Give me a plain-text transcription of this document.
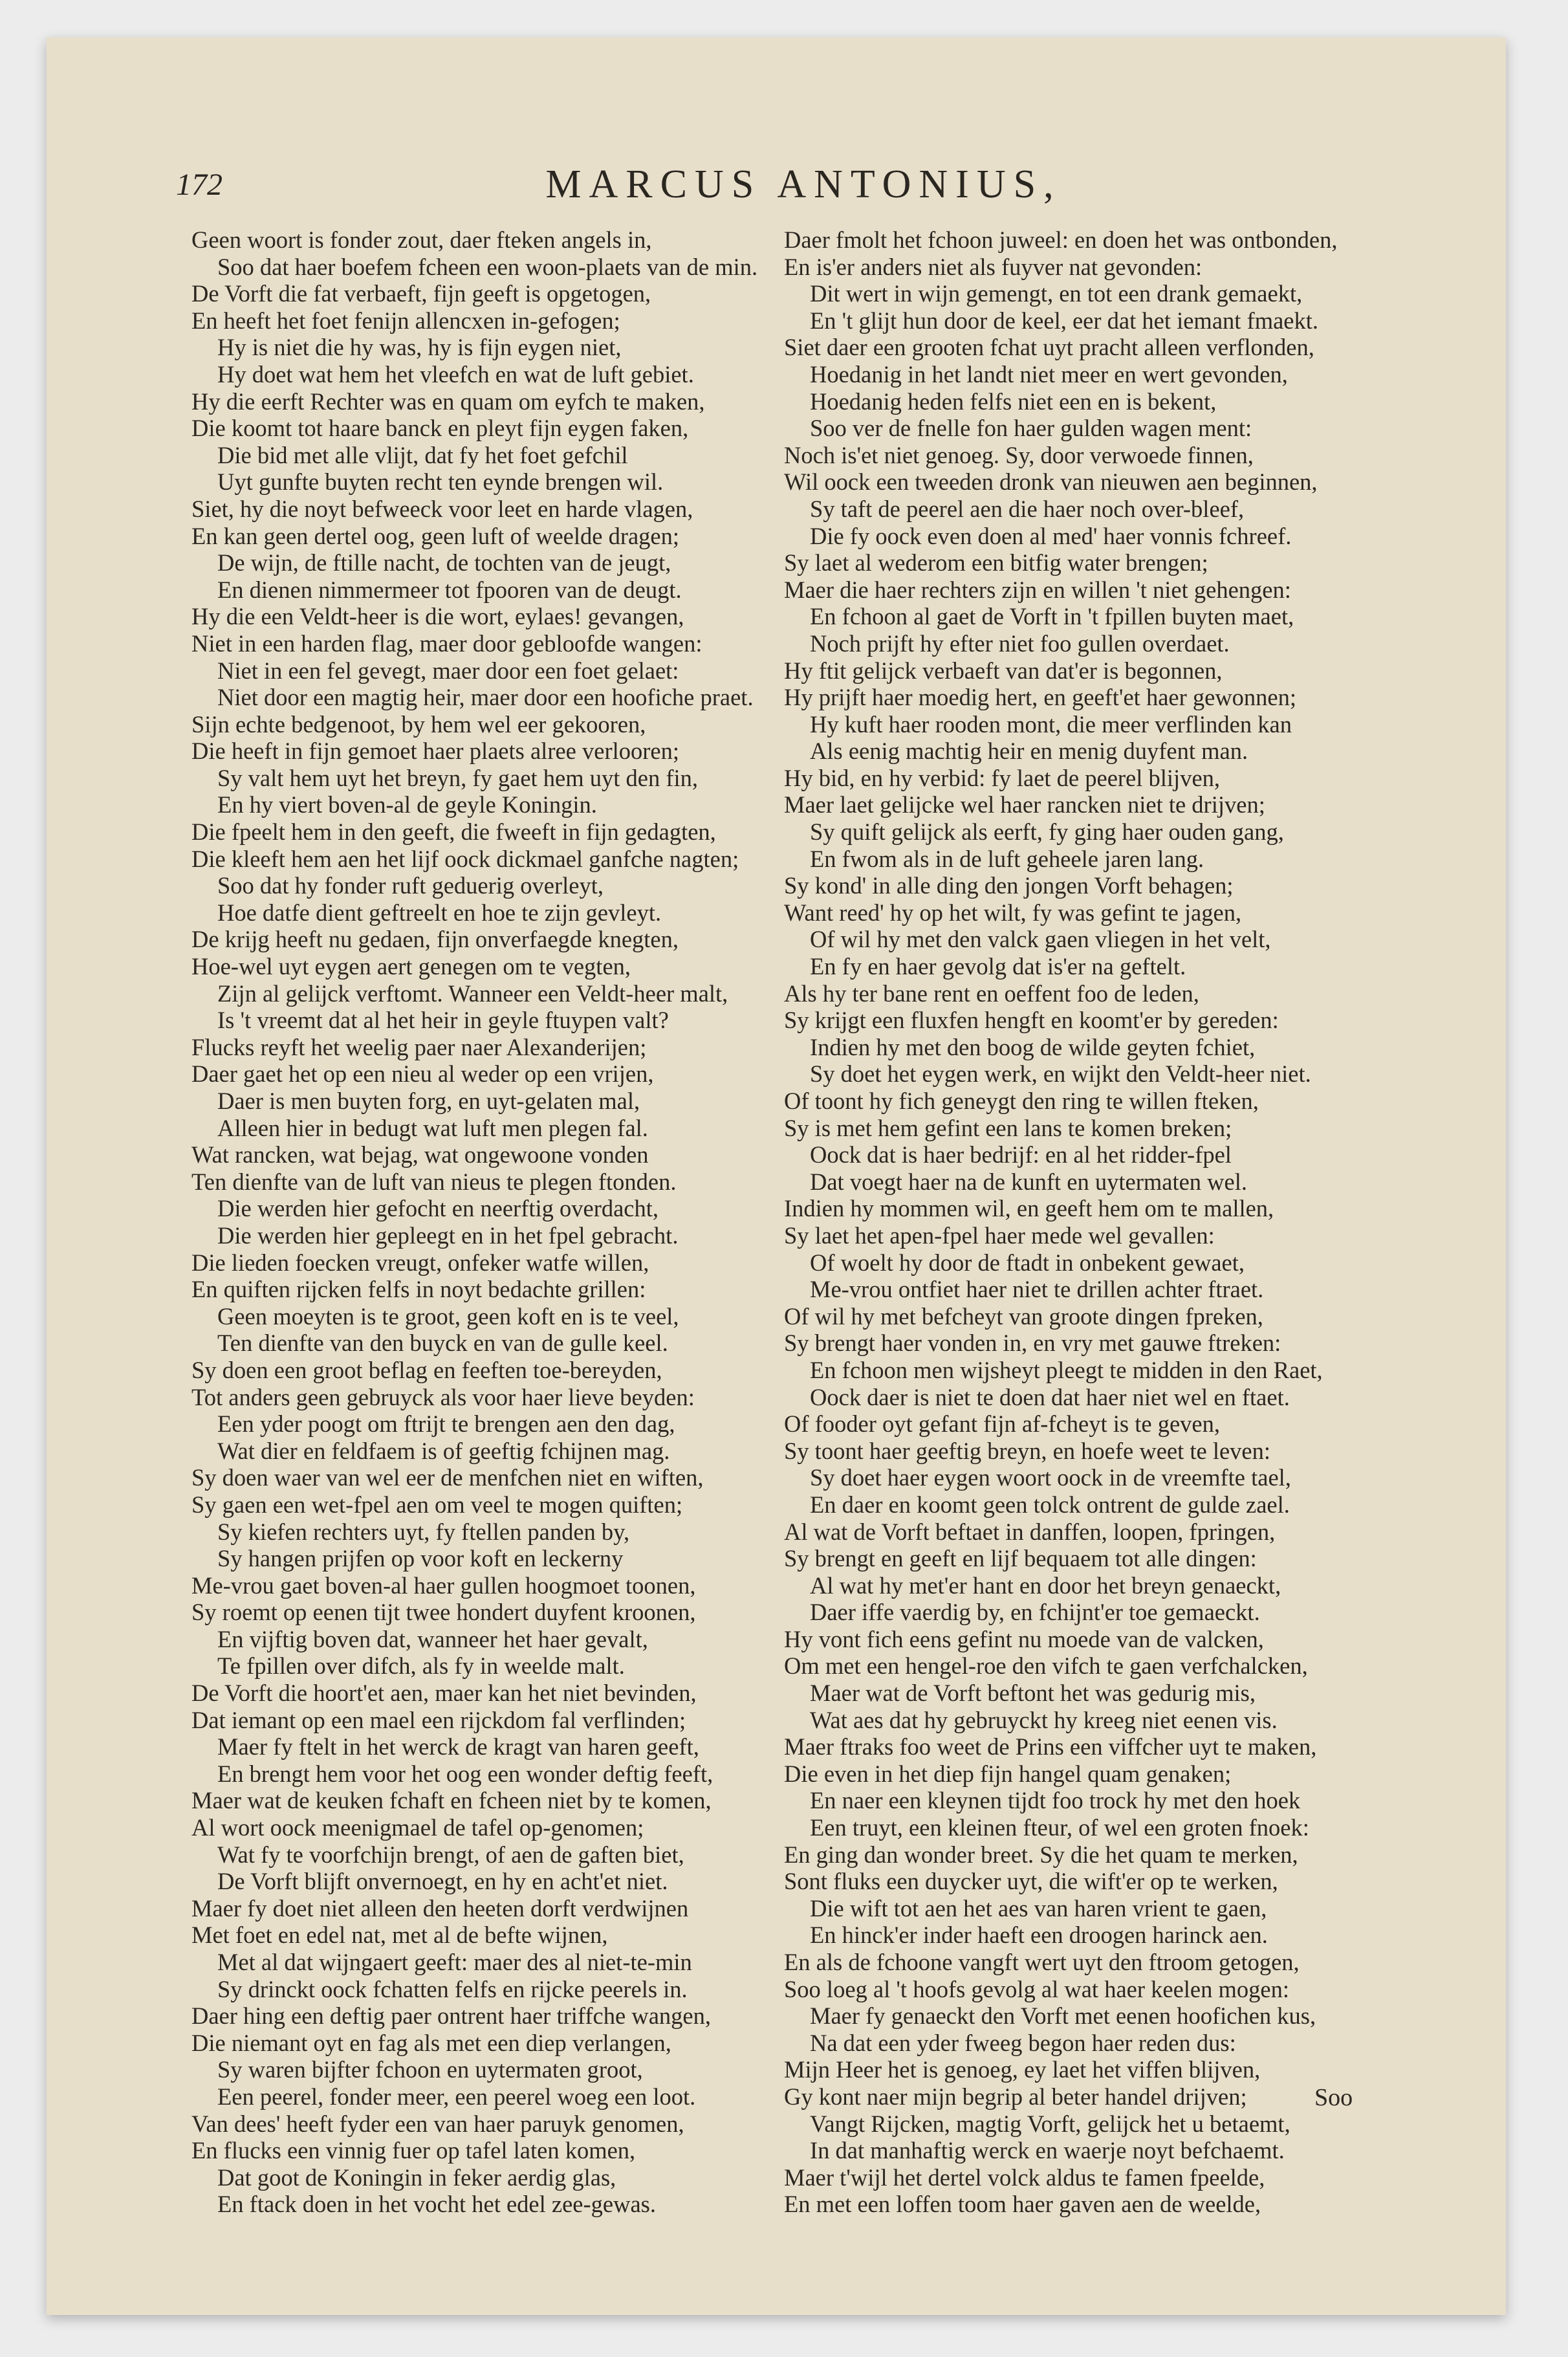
172	MARCUS ANTONIUS,
Geen woort is fonder zout, daer fteken angels in,
Soo dat haer boefem fcheen een woon-plaets van de min.
De Vorft die fat verbaeft, fijn geeft is opgetogen,
En heeft het foet fenijn allencxen in-gefogen;
Hy is niet die hy was, hy is fijn eygen niet,
Hy doet wat hem het vleefch en wat de luft gebiet.
Hy die eerft Rechter was en quam om eyfch te maken,
Die koomt tot haare banck en pleyt fijn eygen faken,
Die bid met alle vlijt, dat fy het foet gefchil
Uyt gunfte buyten recht ten eynde brengen wil.
Siet, hy die noyt befweeck voor leet en harde vlagen,
En kan geen dertel oog, geen luft of weelde dragen;
De wijn, de ftille nacht, de tochten van de jeugt,
En dienen nimmermeer tot fpooren van de deugt.
Hy die een Veldt-heer is die wort, eylaes! gevangen,
Niet in een harden flag, maer door gebloofde wangen:
Niet in een fel gevegt, maer door een foet gelaet:
Niet door een magtig heir, maer door een hoofiche praet.
Sijn echte bedgenoot, by hem wel eer gekooren,
Die heeft in fijn gemoet haer plaets alree verlooren;
Sy valt hem uyt het breyn, fy gaet hem uyt den fin,
En hy viert boven-al de geyle Koningin.
Die fpeelt hem in den geeft, die fweeft in fijn gedagten,
Die kleeft hem aen het lijf oock dickmael ganfche nagten;
Soo dat hy fonder ruft geduerig overleyt,
Hoe datfe dient geftreelt en hoe te zijn gevleyt.
De krijg heeft nu gedaen, fijn onverfaegde knegten,
Hoe-wel uyt eygen aert genegen om te vegten,
Zijn al gelijck verftomt. Wanneer een Veldt-heer malt,
Is 't vreemt dat al het heir in geyle ftuypen valt?
Flucks reyft het weelig paer naer Alexanderijen;
Daer gaet het op een nieu al weder op een vrijen,
Daer is men buyten forg, en uyt-gelaten mal,
Alleen hier in bedugt wat luft men plegen fal.
Wat rancken, wat bejag, wat ongewoone vonden
Ten dienfte van de luft van nieus te plegen ftonden.
Die werden hier gefocht en neerftig overdacht,
Die werden hier gepleegt en in het fpel gebracht.
Die lieden foecken vreugt, onfeker watfe willen,
En quiften rijcken felfs in noyt bedachte grillen:
Geen moeyten is te groot, geen koft en is te veel,
Ten dienfte van den buyck en van de gulle keel.
Sy doen een groot beflag en feeften toe-bereyden,
Tot anders geen gebruyck als voor haer lieve beyden:
Een yder poogt om ftrijt te brengen aen den dag,
Wat dier en feldfaem is of geeftig fchijnen mag.
Sy doen waer van wel eer de menfchen niet en wiften,
Sy gaen een wet-fpel aen om veel te mogen quiften;
Sy kiefen rechters uyt, fy ftellen panden by,
Sy hangen prijfen op voor koft en leckerny
Me-vrou gaet boven-al haer gullen hoogmoet toonen,
Sy roemt op eenen tijt twee hondert duyfent kroonen,
En vijftig boven dat, wanneer het haer gevalt,
Te fpillen over difch, als fy in weelde malt.
De Vorft die hoort'et aen, maer kan het niet bevinden,
Dat iemant op een mael een rijckdom fal verflinden;
Maer fy ftelt in het werck de kragt van haren geeft,
En brengt hem voor het oog een wonder deftig feeft,
Maer wat de keuken fchaft en fcheen niet by te komen,
Al wort oock meenigmael de tafel op-genomen;
Wat fy te voorfchijn brengt, of aen de gaften biet,
De Vorft blijft onvernoegt, en hy en acht'et niet.
Maer fy doet niet alleen den heeten dorft verdwijnen
Met foet en edel nat, met al de befte wijnen,
Met al dat wijngaert geeft: maer des al niet-te-min
Sy drinckt oock fchatten felfs en rijcke peerels in.
Daer hing een deftig paer ontrent haer triffche wangen,
Die niemant oyt en fag als met een diep verlangen,
Sy waren bijfter fchoon en uytermaten groot,
Een peerel, fonder meer, een peerel woeg een loot.
Van dees' heeft fyder een van haer paruyk genomen,
En flucks een vinnig fuer op tafel laten komen,
Dat goot de Koningin in feker aerdig glas,
En ftack doen in het vocht het edel zee-gewas.
Daer fmolt het fchoon juweel: en doen het was ontbonden,
En is'er anders niet als fuyver nat gevonden:
Dit wert in wijn gemengt, en tot een drank gemaekt,
En 't glijt hun door de keel, eer dat het iemant fmaekt.
Siet daer een grooten fchat uyt pracht alleen verflonden,
Hoedanig in het landt niet meer en wert gevonden,
Hoedanig heden felfs niet een en is bekent,
Soo ver de fnelle fon haer gulden wagen ment:
Noch is'et niet genoeg. Sy, door verwoede finnen,
Wil oock een tweeden dronk van nieuwen aen beginnen,
Sy taft de peerel aen die haer noch over-bleef,
Die fy oock even doen al med' haer vonnis fchreef.
Sy laet al wederom een bitfig water brengen;
Maer die haer rechters zijn en willen 't niet gehengen:
En fchoon al gaet de Vorft in 't fpillen buyten maet,
Noch prijft hy efter niet foo gullen overdaet.
Hy ftit gelijck verbaeft van dat'er is begonnen,
Hy prijft haer moedig hert, en geeft'et haer gewonnen;
Hy kuft haer rooden mont, die meer verflinden kan
Als eenig machtig heir en menig duyfent man.
Hy bid, en hy verbid: fy laet de peerel blijven,
Maer laet gelijcke wel haer rancken niet te drijven;
Sy quift gelijck als eerft, fy ging haer ouden gang,
En fwom als in de luft geheele jaren lang.
Sy kond' in alle ding den jongen Vorft behagen;
Want reed' hy op het wilt, fy was gefint te jagen,
Of wil hy met den valck gaen vliegen in het velt,
En fy en haer gevolg dat is'er na geftelt.
Als hy ter bane rent en oeffent foo de leden,
Sy krijgt een fluxfen hengft en koomt'er by gereden:
Indien hy met den boog de wilde geyten fchiet,
Sy doet het eygen werk, en wijkt den Veldt-heer niet.
Of toont hy fich geneygt den ring te willen fteken,
Sy is met hem gefint een lans te komen breken;
Oock dat is haer bedrijf: en al het ridder-fpel
Dat voegt haer na de kunft en uytermaten wel.
Indien hy mommen wil, en geeft hem om te mallen,
Sy laet het apen-fpel haer mede wel gevallen:
Of woelt hy door de ftadt in onbekent gewaet,
Me-vrou ontfiet haer niet te drillen achter ftraet.
Of wil hy met befcheyt van groote dingen fpreken,
Sy brengt haer vonden in, en vry met gauwe ftreken:
En fchoon men wijsheyt pleegt te midden in den Raet,
Oock daer is niet te doen dat haer niet wel en ftaet.
Of fooder oyt gefant fijn af-fcheyt is te geven,
Sy toont haer geeftig breyn, en hoefe weet te leven:
Sy doet haer eygen woort oock in de vreemfte tael,
En daer en koomt geen tolck ontrent de gulde zael.
Al wat de Vorft beftaet in danffen, loopen, fpringen,
Sy brengt en geeft en lijf bequaem tot alle dingen:
Al wat hy met'er hant en door het breyn genaeckt,
Daer iffe vaerdig by, en fchijnt'er toe gemaeckt.
Hy vont fich eens gefint nu moede van de valcken,
Om met een hengel-roe den vifch te gaen verfchalcken,
Maer wat de Vorft beftont het was gedurig mis,
Wat aes dat hy gebruyckt hy kreeg niet eenen vis.
Maer ftraks foo weet de Prins een viffcher uyt te maken,
Die even in het diep fijn hangel quam genaken;
En naer een kleynen tijdt foo trock hy met den hoek
Een truyt, een kleinen fteur, of wel een groten fnoek:
En ging dan wonder breet. Sy die het quam te merken,
Sont fluks een duycker uyt, die wift'er op te werken,
Die wift tot aen het aes van haren vrient te gaen,
En hinck'er inder haeft een droogen harinck aen.
En als de fchoone vangft wert uyt den ftroom getogen,
Soo loeg al 't hoofs gevolg al wat haer keelen mogen:
Maer fy genaeckt den Vorft met eenen hoofichen kus,
Na dat een yder fweeg begon haer reden dus:
Mijn Heer het is genoeg, ey laet het viffen blijven,
Gy kont naer mijn begrip al beter handel drijven;
Vangt Rijcken, magtig Vorft, gelijck het u betaemt,
In dat manhaftig werck en waerje noyt befchaemt.
Maer t'wijl het dertel volck aldus te famen fpeelde,
En met een loffen toom haer gaven aen de weelde,
Soo
